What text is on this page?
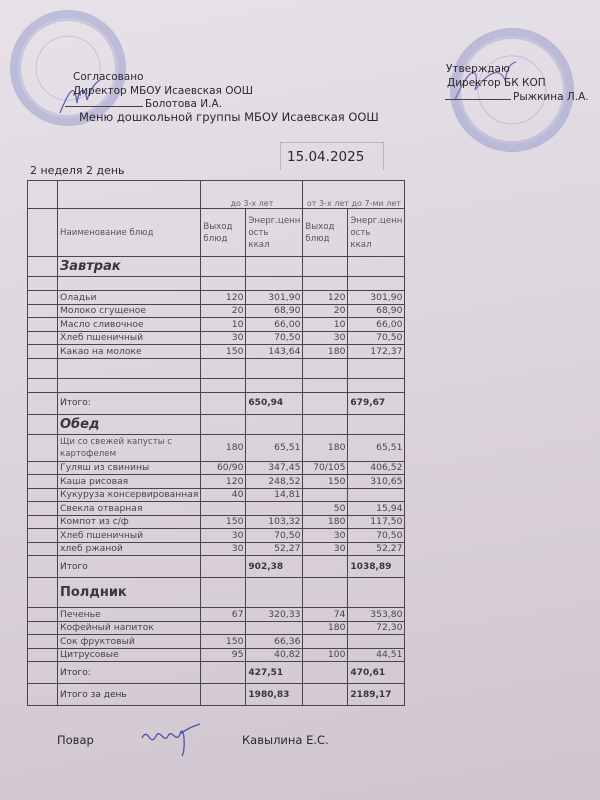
Согласовано
Директор МБОУ Исаевская ООШ
Болотова И.А.
Меню дошкольной группы МБОУ Исаевская ООШ
Утверждаю
Директор БК КОП
Рыжкина Л.А.
15.04.2025
2 неделя 2 день
		до 3-х лет		от 3-х лет до 7-ми лет	
	Наименование блюд	Выход блюд	Энерг.ценн
ость
ккал	Выход блюд	Энерг.ценн
ость
ккал
	Завтрак				

	Оладьи	120	301,90	120	301,90
	Молоко сгущеное	20	68,90	20	68,90
	Масло сливочное	10	66,00	10	66,00
	Хлеб пшеничный	30	70,50	30	70,50
	Какао на молоке	150	143,64	180	172,37

	Итого:		650,94		679,67
	Обед				
	Щи со свежей капусты с
картофелем	180	65,51	180	65,51
	Гуляш из свинины	60/90	347,45	70/105	406,52
	Каша рисовая	120	248,52	150	310,65
	Кукуруза консервированная	40	14,81		
	Свекла отварная			50	15,94
	Компот из с/ф	150	103,32	180	117,50
	Хлеб пшеничный	30	70,50	30	70,50
	хлеб ржаной	30	52,27	30	52,27
	Итого		902,38		1038,89
	Полдник				
	Печенье	67	320,33	74	353,80
	Кофейный напиток			180	72,30
	Сок фруктовый	150	66,36		
	Цитрусовые	95	40,82	100	44,51
	Итого:		427,51		470,61
	Итого за день		1980,83		2189,17
Повар	Кавылина Е.С.
